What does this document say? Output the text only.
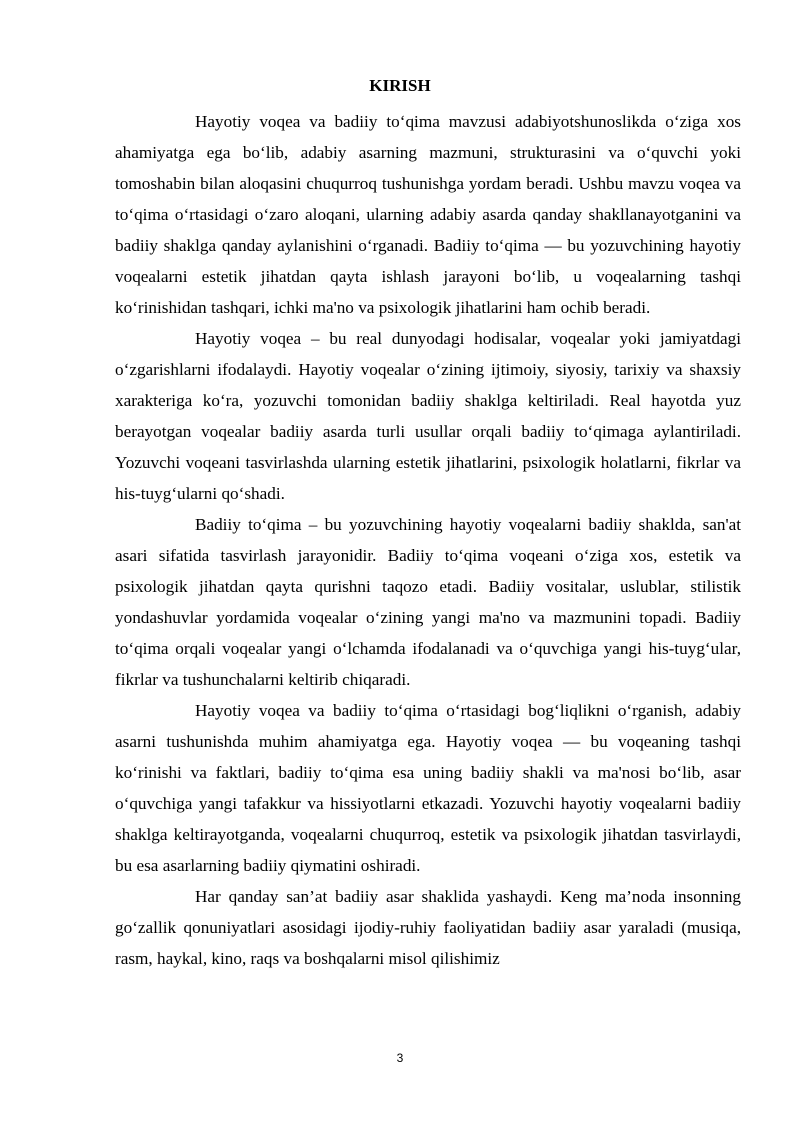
KIRISH

Hayotiy voqea va badiiy to‘qima mavzusi adabiyotshunoslikda o‘ziga xos ahamiyatga ega bo‘lib, adabiy asarning mazmuni, strukturasini va o‘quvchi yoki tomoshabin bilan aloqasini chuqurroq tushunishga yordam beradi. Ushbu mavzu voqea va to‘qima o‘rtasidagi o‘zaro aloqani, ularning adabiy asarda qanday shakllanayotganini va badiiy shaklga qanday aylanishini o‘rganadi. Badiiy to‘qima — bu yozuvchining hayotiy voqealarni estetik jihatdan qayta ishlash jarayoni bo‘lib, u voqealarning tashqi ko‘rinishidan tashqari, ichki ma'no va psixologik jihatlarini ham ochib beradi.

Hayotiy voqea – bu real dunyodagi hodisalar, voqealar yoki jamiyatdagi o‘zgarishlarni ifodalaydi. Hayotiy voqealar o‘zining ijtimoiy, siyosiy, tarixiy va shaxsiy xarakteriga ko‘ra, yozuvchi tomonidan badiiy shaklga keltiriladi. Real hayotda yuz berayotgan voqealar badiiy asarda turli usullar orqali badiiy to‘qimaga aylantiriladi. Yozuvchi voqeani tasvirlashda ularning estetik jihatlarini, psixologik holatlarni, fikrlar va his-tuyg‘ularni qo‘shadi.

Badiiy to‘qima – bu yozuvchining hayotiy voqealarni badiiy shaklda, san'at asari sifatida tasvirlash jarayonidir. Badiiy to‘qima voqeani o‘ziga xos, estetik va psixologik jihatdan qayta qurishni taqozo etadi. Badiiy vositalar, uslublar, stilistik yondashuvlar yordamida voqealar o‘zining yangi ma'no va mazmunini topadi. Badiiy to‘qima orqali voqealar yangi o‘lchamda ifodalanadi va o‘quvchiga yangi his-tuyg‘ular, fikrlar va tushunchalarni keltirib chiqaradi.

Hayotiy voqea va badiiy to‘qima o‘rtasidagi bog‘liqlikni o‘rganish, adabiy asarni tushunishda muhim ahamiyatga ega. Hayotiy voqea — bu voqeaning tashqi ko‘rinishi va faktlari, badiiy to‘qima esa uning badiiy shakli va ma'nosi bo‘lib, asar o‘quvchiga yangi tafakkur va hissiyotlarni etkazadi. Yozuvchi hayotiy voqealarni badiiy shaklga keltirayotganda, voqealarni chuqurroq, estetik va psixologik jihatdan tasvirlaydi, bu esa asarlarning badiiy qiymatini oshiradi.

Har qanday san’at badiiy asar shaklida yashaydi. Keng ma’noda insonning go‘zallik qonuniyatlari asosidagi ijodiy-ruhiy faoliyatidan badiiy asar yaraladi (musiqa, rasm, haykal, kino, raqs va boshqalarni misol qilishimiz

3
